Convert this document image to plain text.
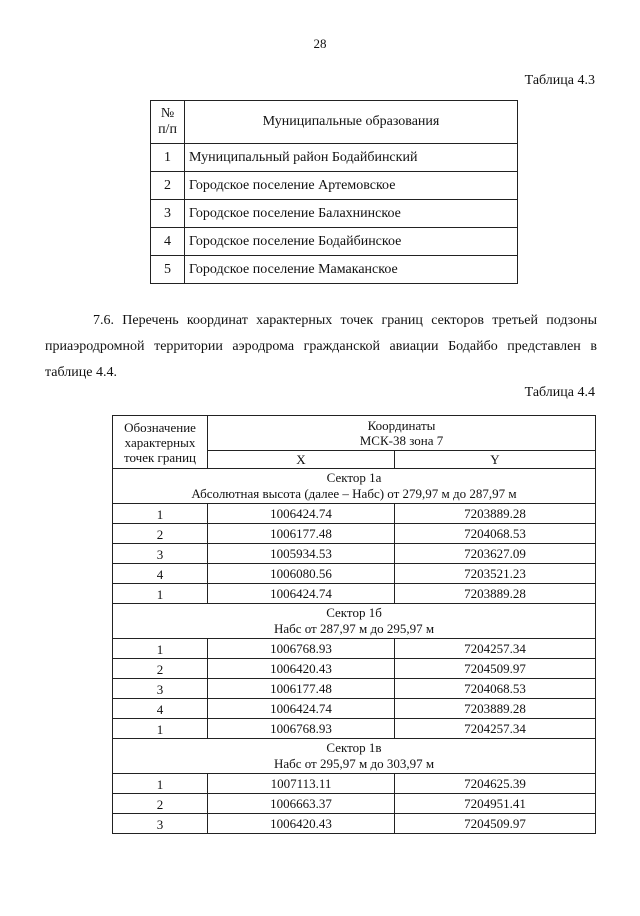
28
Таблица 4.3
№
п/п	Муниципальные образования
1	Муниципальный район Бодайбинский
2	Городское поселение Артемовское
3	Городское поселение Балахнинское
4	Городское поселение Бодайбинское
5	Городское поселение Мамаканское
7.6. Перечень координат характерных точек границ секторов третьей подзоны
приаэродромной территории аэродрома гражданской авиации Бодайбо представлен в
таблице 4.4.
Таблица 4.4
Обозначение
характерных
точек границ	Координаты
МСК-38 зона 7	
	X	Y
Сектор 1а
Абсолютная высота (далее – Набс) от 279,97 м до 287,97 м		
1	1006424.74	7203889.28
2	1006177.48	7204068.53
3	1005934.53	7203627.09
4	1006080.56	7203521.23
1	1006424.74	7203889.28
Сектор 1б
Набс от 287,97 м до 295,97 м		
1	1006768.93	7204257.34
2	1006420.43	7204509.97
3	1006177.48	7204068.53
4	1006424.74	7203889.28
1	1006768.93	7204257.34
Сектор 1в
Набс от 295,97 м до 303,97 м		
1	1007113.11	7204625.39
2	1006663.37	7204951.41
3	1006420.43	7204509.97
